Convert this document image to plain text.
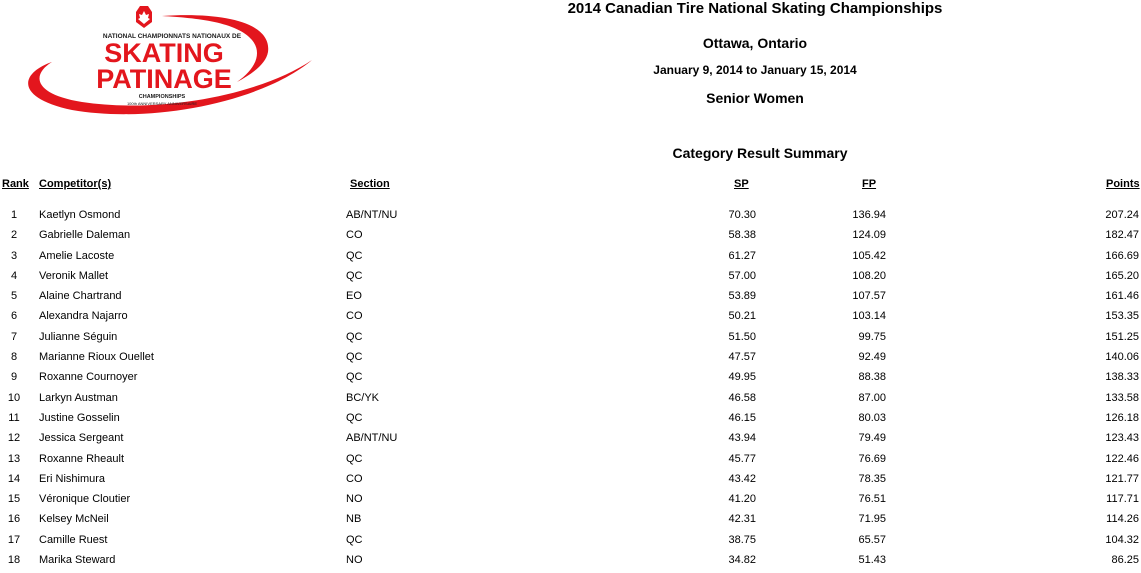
NATIONAL CHAMPIONNATS NATIONAUX DE
SKATING
PATINAGE
CHAMPIONSHIPS
100th ANNIVERSARY ANNIVERSAIRE
2014 Canadian Tire National Skating Championships
Ottawa, Ontario
January 9, 2014 to January 15, 2014
Senior Women
Category Result Summary
Rank Competitor(s)	Section	SP	FP	Points
1	Kaetlyn Osmond	AB/NT/NU	70.30	136.94	207.24
2	Gabrielle Daleman	CO	58.38	124.09	182.47
3	Amelie Lacoste	QC	61.27	105.42	166.69
4	Veronik Mallet	QC	57.00	108.20	165.20
5	Alaine Chartrand	EO	53.89	107.57	161.46
6	Alexandra Najarro	CO	50.21	103.14	153.35
7	Julianne Séguin	QC	51.50	99.75	151.25
8	Marianne Rioux Ouellet	QC	47.57	92.49	140.06
9	Roxanne Cournoyer	QC	49.95	88.38	138.33
10	Larkyn Austman	BC/YK	46.58	87.00	133.58
11	Justine Gosselin	QC	46.15	80.03	126.18
12	Jessica Sergeant	AB/NT/NU	43.94	79.49	123.43
13	Roxanne Rheault	QC	45.77	76.69	122.46
14	Eri Nishimura	CO	43.42	78.35	121.77
15	Véronique Cloutier	NO	41.20	76.51	117.71
16	Kelsey McNeil	NB	42.31	71.95	114.26
17	Camille Ruest	QC	38.75	65.57	104.32
18	Marika Steward	NO	34.82	51.43	86.25
